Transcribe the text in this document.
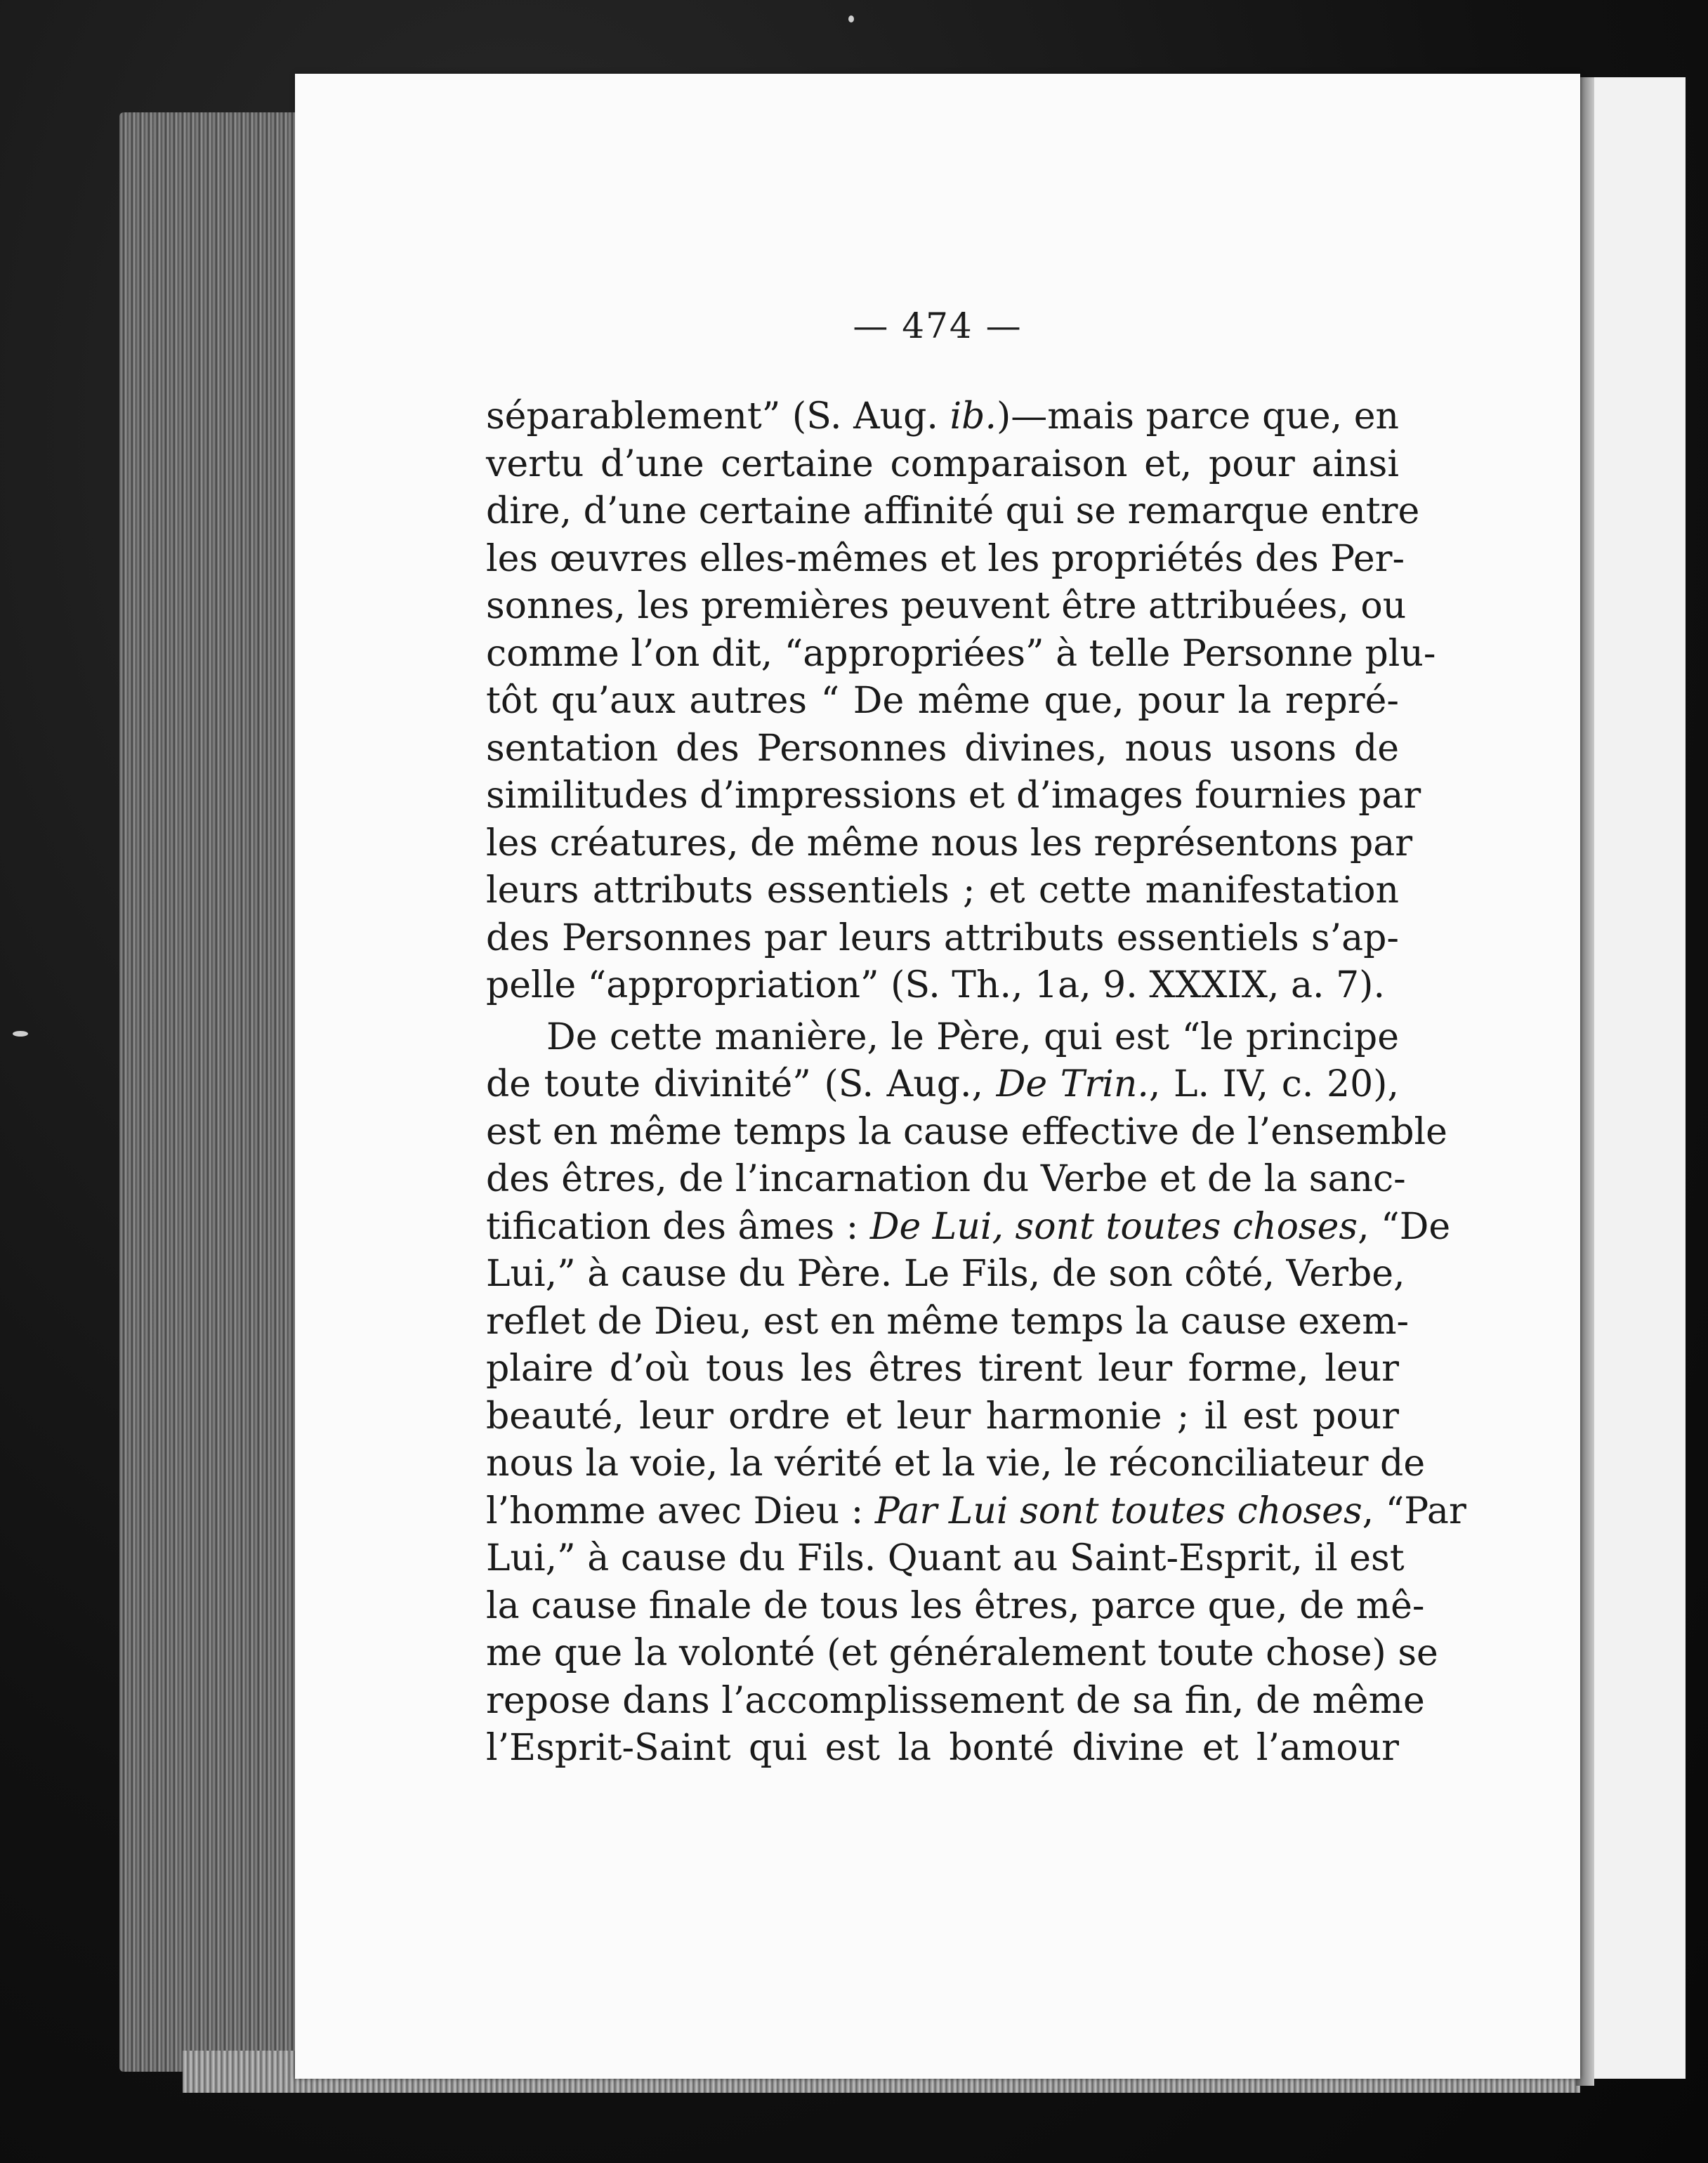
— 474 —
séparablement” (S. Aug. ib.)—mais parce que, en
vertu d’une certaine comparaison et, pour ainsi
dire, d’une certaine affinité qui se remarque entre
les œuvres elles-mêmes et les propriétés des Per-
sonnes, les premières peuvent être attribuées, ou
comme l’on dit, “appropriées” à telle Personne plu-
tôt qu’aux autres “ De même que, pour la repré-
sentation des Personnes divines, nous usons de
similitudes d’impressions et d’images fournies par
les créatures, de même nous les représentons par
leurs attributs essentiels ; et cette manifestation
des Personnes par leurs attributs essentiels s’ap-
pelle “appropriation” (S. Th., 1a, 9. XXXIX, a. 7).
De cette manière, le Père, qui est “le principe
de toute divinité” (S. Aug., De Trin., L. IV, c. 20),
est en même temps la cause effective de l’ensemble
des êtres, de l’incarnation du Verbe et de la sanc-
tification des âmes : De Lui, sont toutes choses, “De
Lui,” à cause du Père. Le Fils, de son côté, Verbe,
reflet de Dieu, est en même temps la cause exem-
plaire d’où tous les êtres tirent leur forme, leur
beauté, leur ordre et leur harmonie ; il est pour
nous la voie, la vérité et la vie, le réconciliateur de
l’homme avec Dieu : Par Lui sont toutes choses, “Par
Lui,” à cause du Fils. Quant au Saint-Esprit, il est
la cause finale de tous les êtres, parce que, de mê-
me que la volonté (et généralement toute chose) se
repose dans l’accomplissement de sa fin, de même
l’Esprit-Saint qui est la bonté divine et l’amour
